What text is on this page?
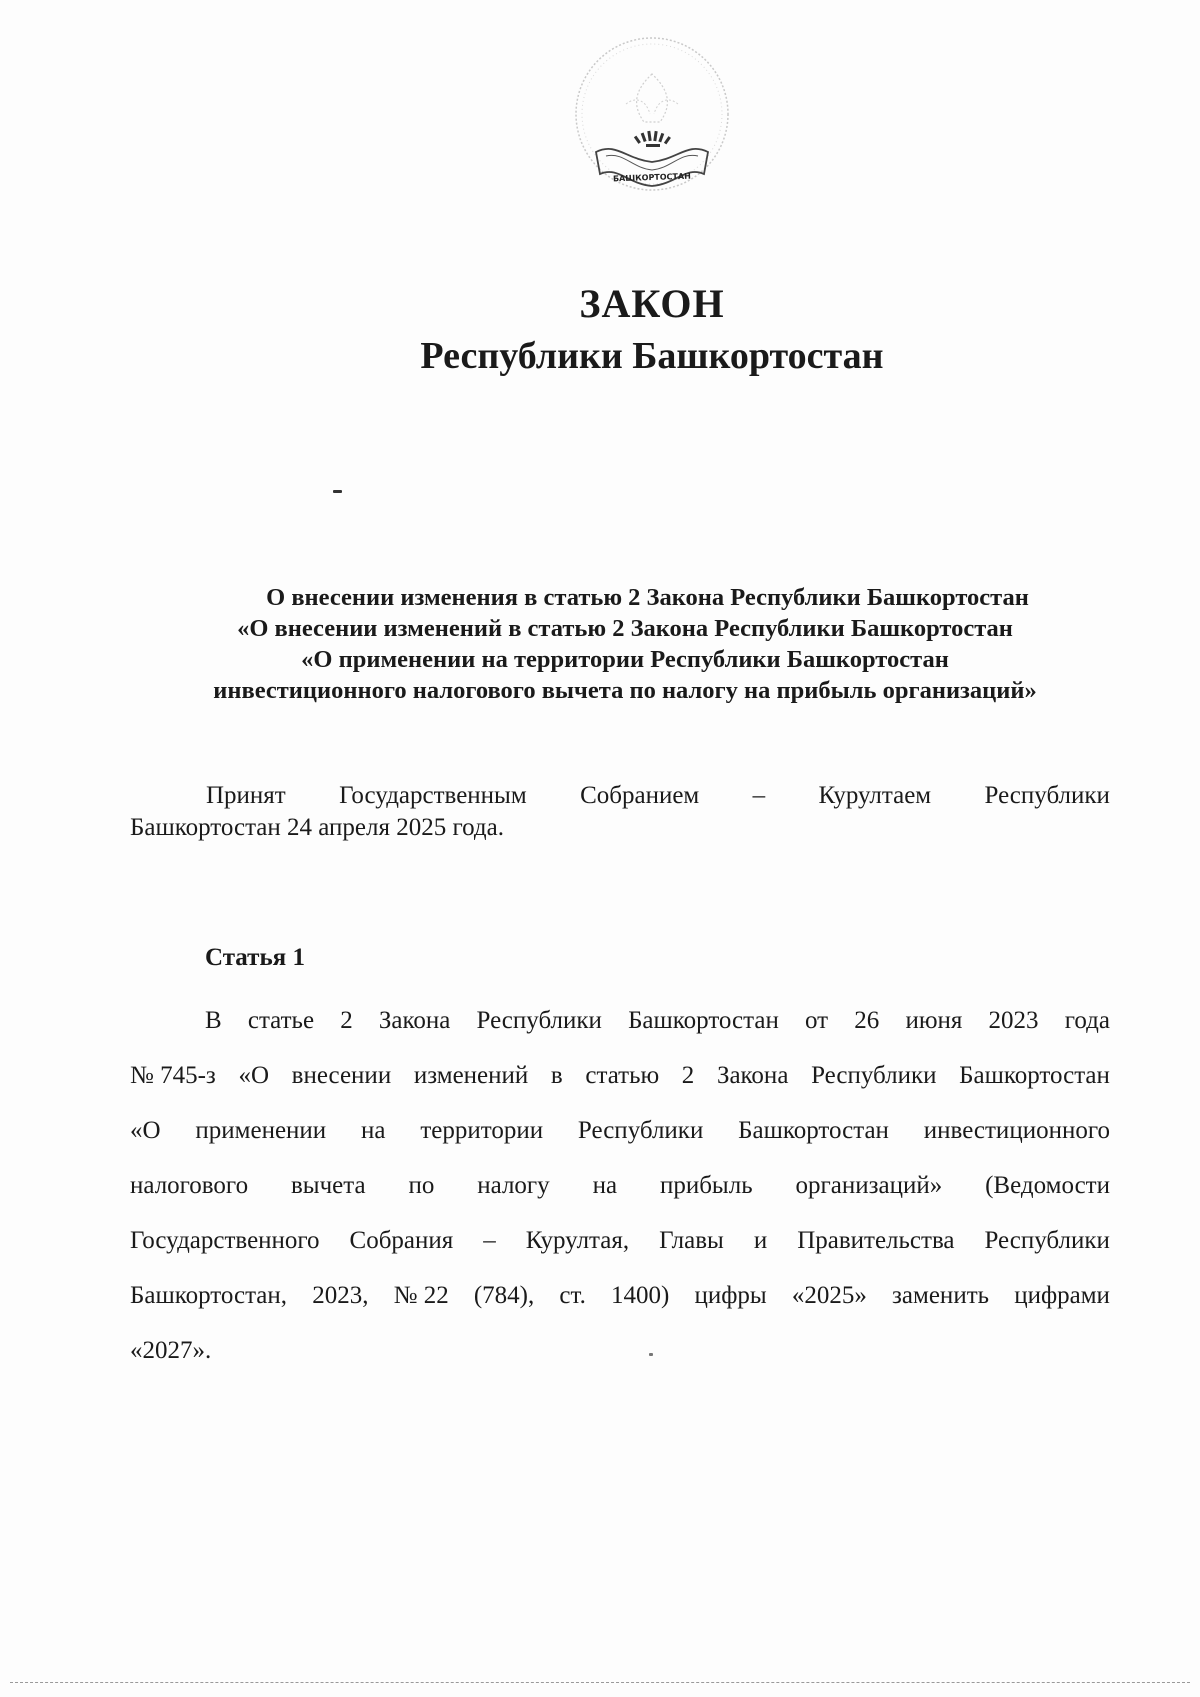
БАШКОРТОСТАН
ЗАКОН
Республики Башкортостан
О внесении изменения в статью 2 Закона Республики Башкортостан
«О внесении изменений в статью 2 Закона Республики Башкортостан
«О применении на территории Республики Башкортостан
инвестиционного налогового вычета по налогу на прибыль организаций»
Принят Государственным Собранием – Курултаем Республики
Башкортостан 24 апреля 2025 года.
Статья 1
В статье 2 Закона Республики Башкортостан от 26 июня 2023 года
№ 745-з «О внесении изменений в статью 2 Закона Республики Башкортостан
«О применении на территории Республики Башкортостан инвестиционного
налогового вычета по налогу на прибыль организаций» (Ведомости
Государственного Собрания – Курултая, Главы и Правительства Республики
Башкортостан, 2023, № 22 (784), ст. 1400) цифры «2025» заменить цифрами
«2027».
